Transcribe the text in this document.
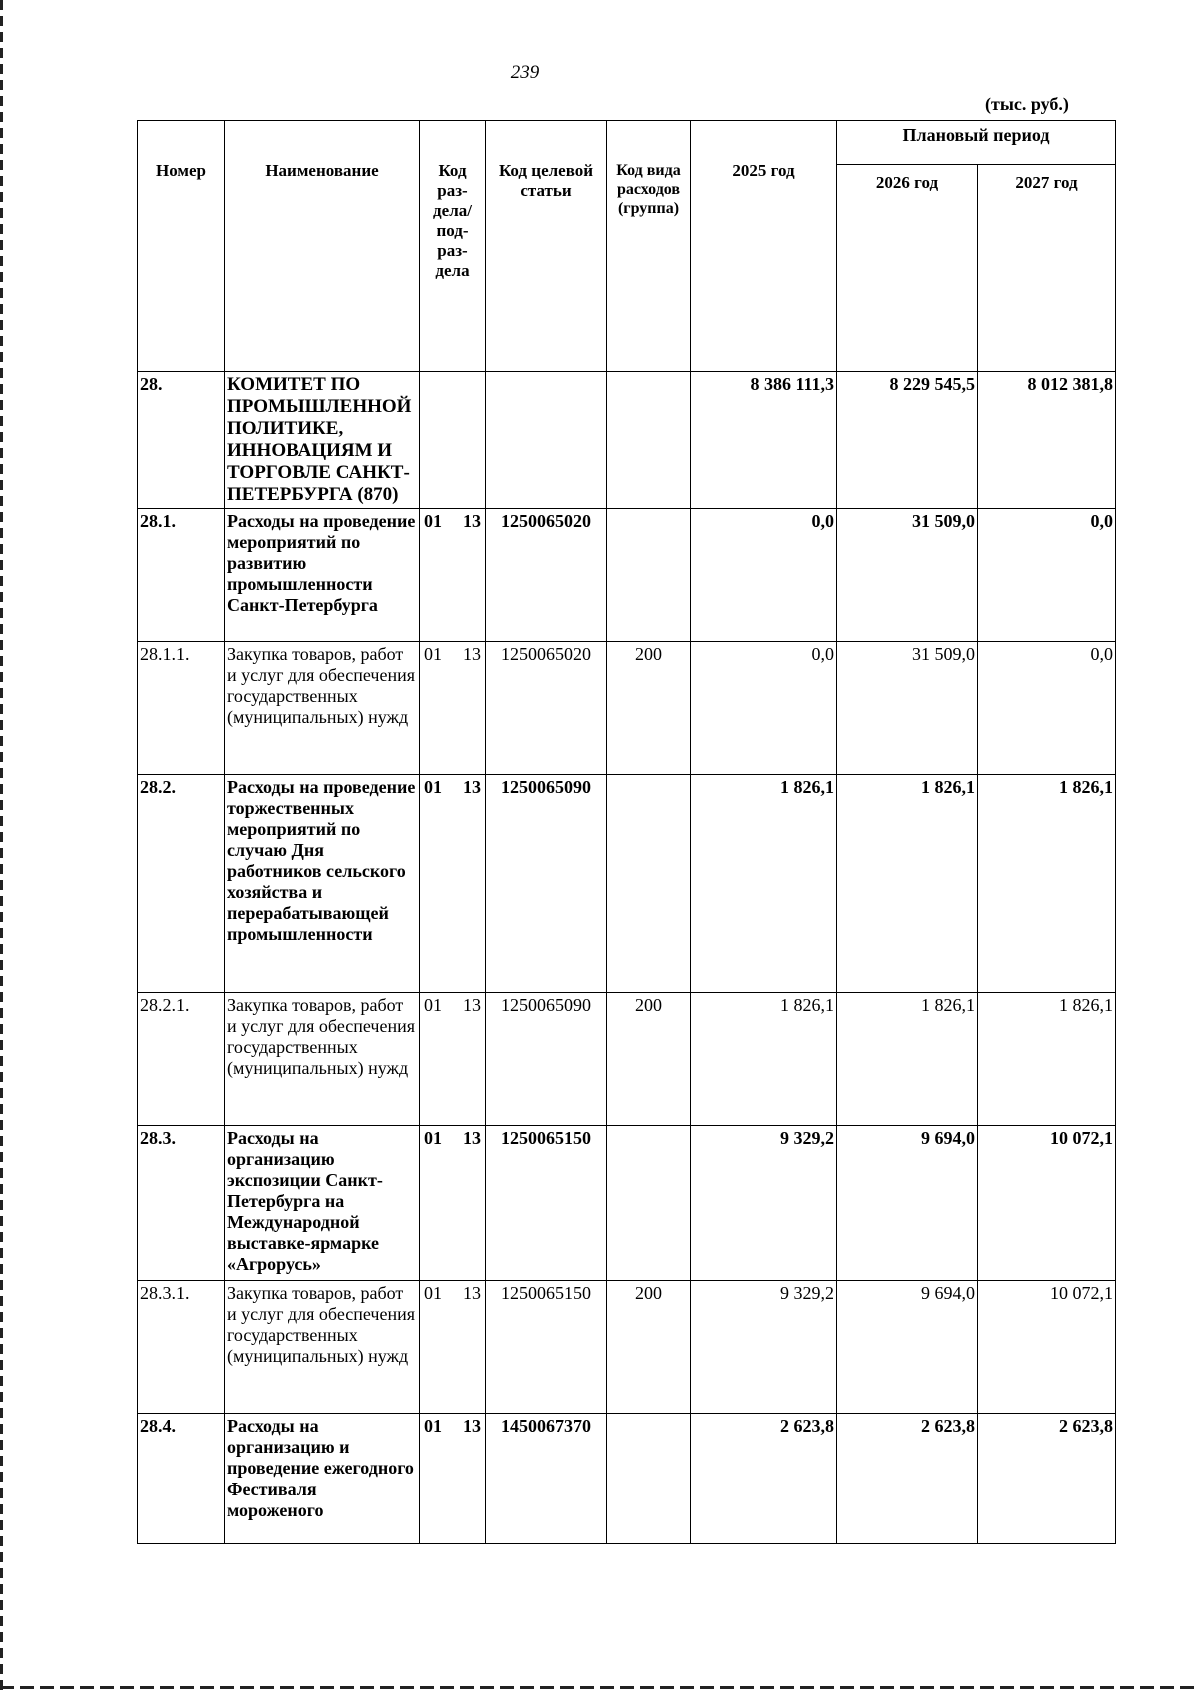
239
(тыс. руб.)
Номер	Наименование	Код раз-дела/ под-раз-дела	Код целевой статьи	Код вида расходов (группа)	2025 год	Плановый период	
						2026 год	2027 год
28.	КОМИТЕТ ПО ПРОМЫШЛЕННОЙ ПОЛИТИКЕ, ИННОВАЦИЯМ И ТОРГОВЛЕ САНКТ-ПЕТЕРБУРГА (870)				8 386 111,3	8 229 545,5	8 012 381,8
28.1.	Расходы на проведение мероприятий по развитию промышленности Санкт-Петербурга	01 13	1250065020		0,0	31 509,0	0,0
28.1.1.	Закупка товаров, работ и услуг для обеспечения государственных (муниципальных) нужд	01 13	1250065020	200	0,0	31 509,0	0,0
28.2.	Расходы на проведение торжественных мероприятий по случаю Дня работников сельского хозяйства и перерабатывающей промышленности	01 13	1250065090		1 826,1	1 826,1	1 826,1
28.2.1.	Закупка товаров, работ и услуг для обеспечения государственных (муниципальных) нужд	01 13	1250065090	200	1 826,1	1 826,1	1 826,1
28.3.	Расходы на организацию экспозиции Санкт-Петербурга на Международной выставке-ярмарке «Агрорусь»	01 13	1250065150		9 329,2	9 694,0	10 072,1
28.3.1.	Закупка товаров, работ и услуг для обеспечения государственных (муниципальных) нужд	01 13	1250065150	200	9 329,2	9 694,0	10 072,1
28.4.	Расходы на организацию и проведение ежегодного Фестиваля мороженого	01 13	1450067370		2 623,8	2 623,8	2 623,8
